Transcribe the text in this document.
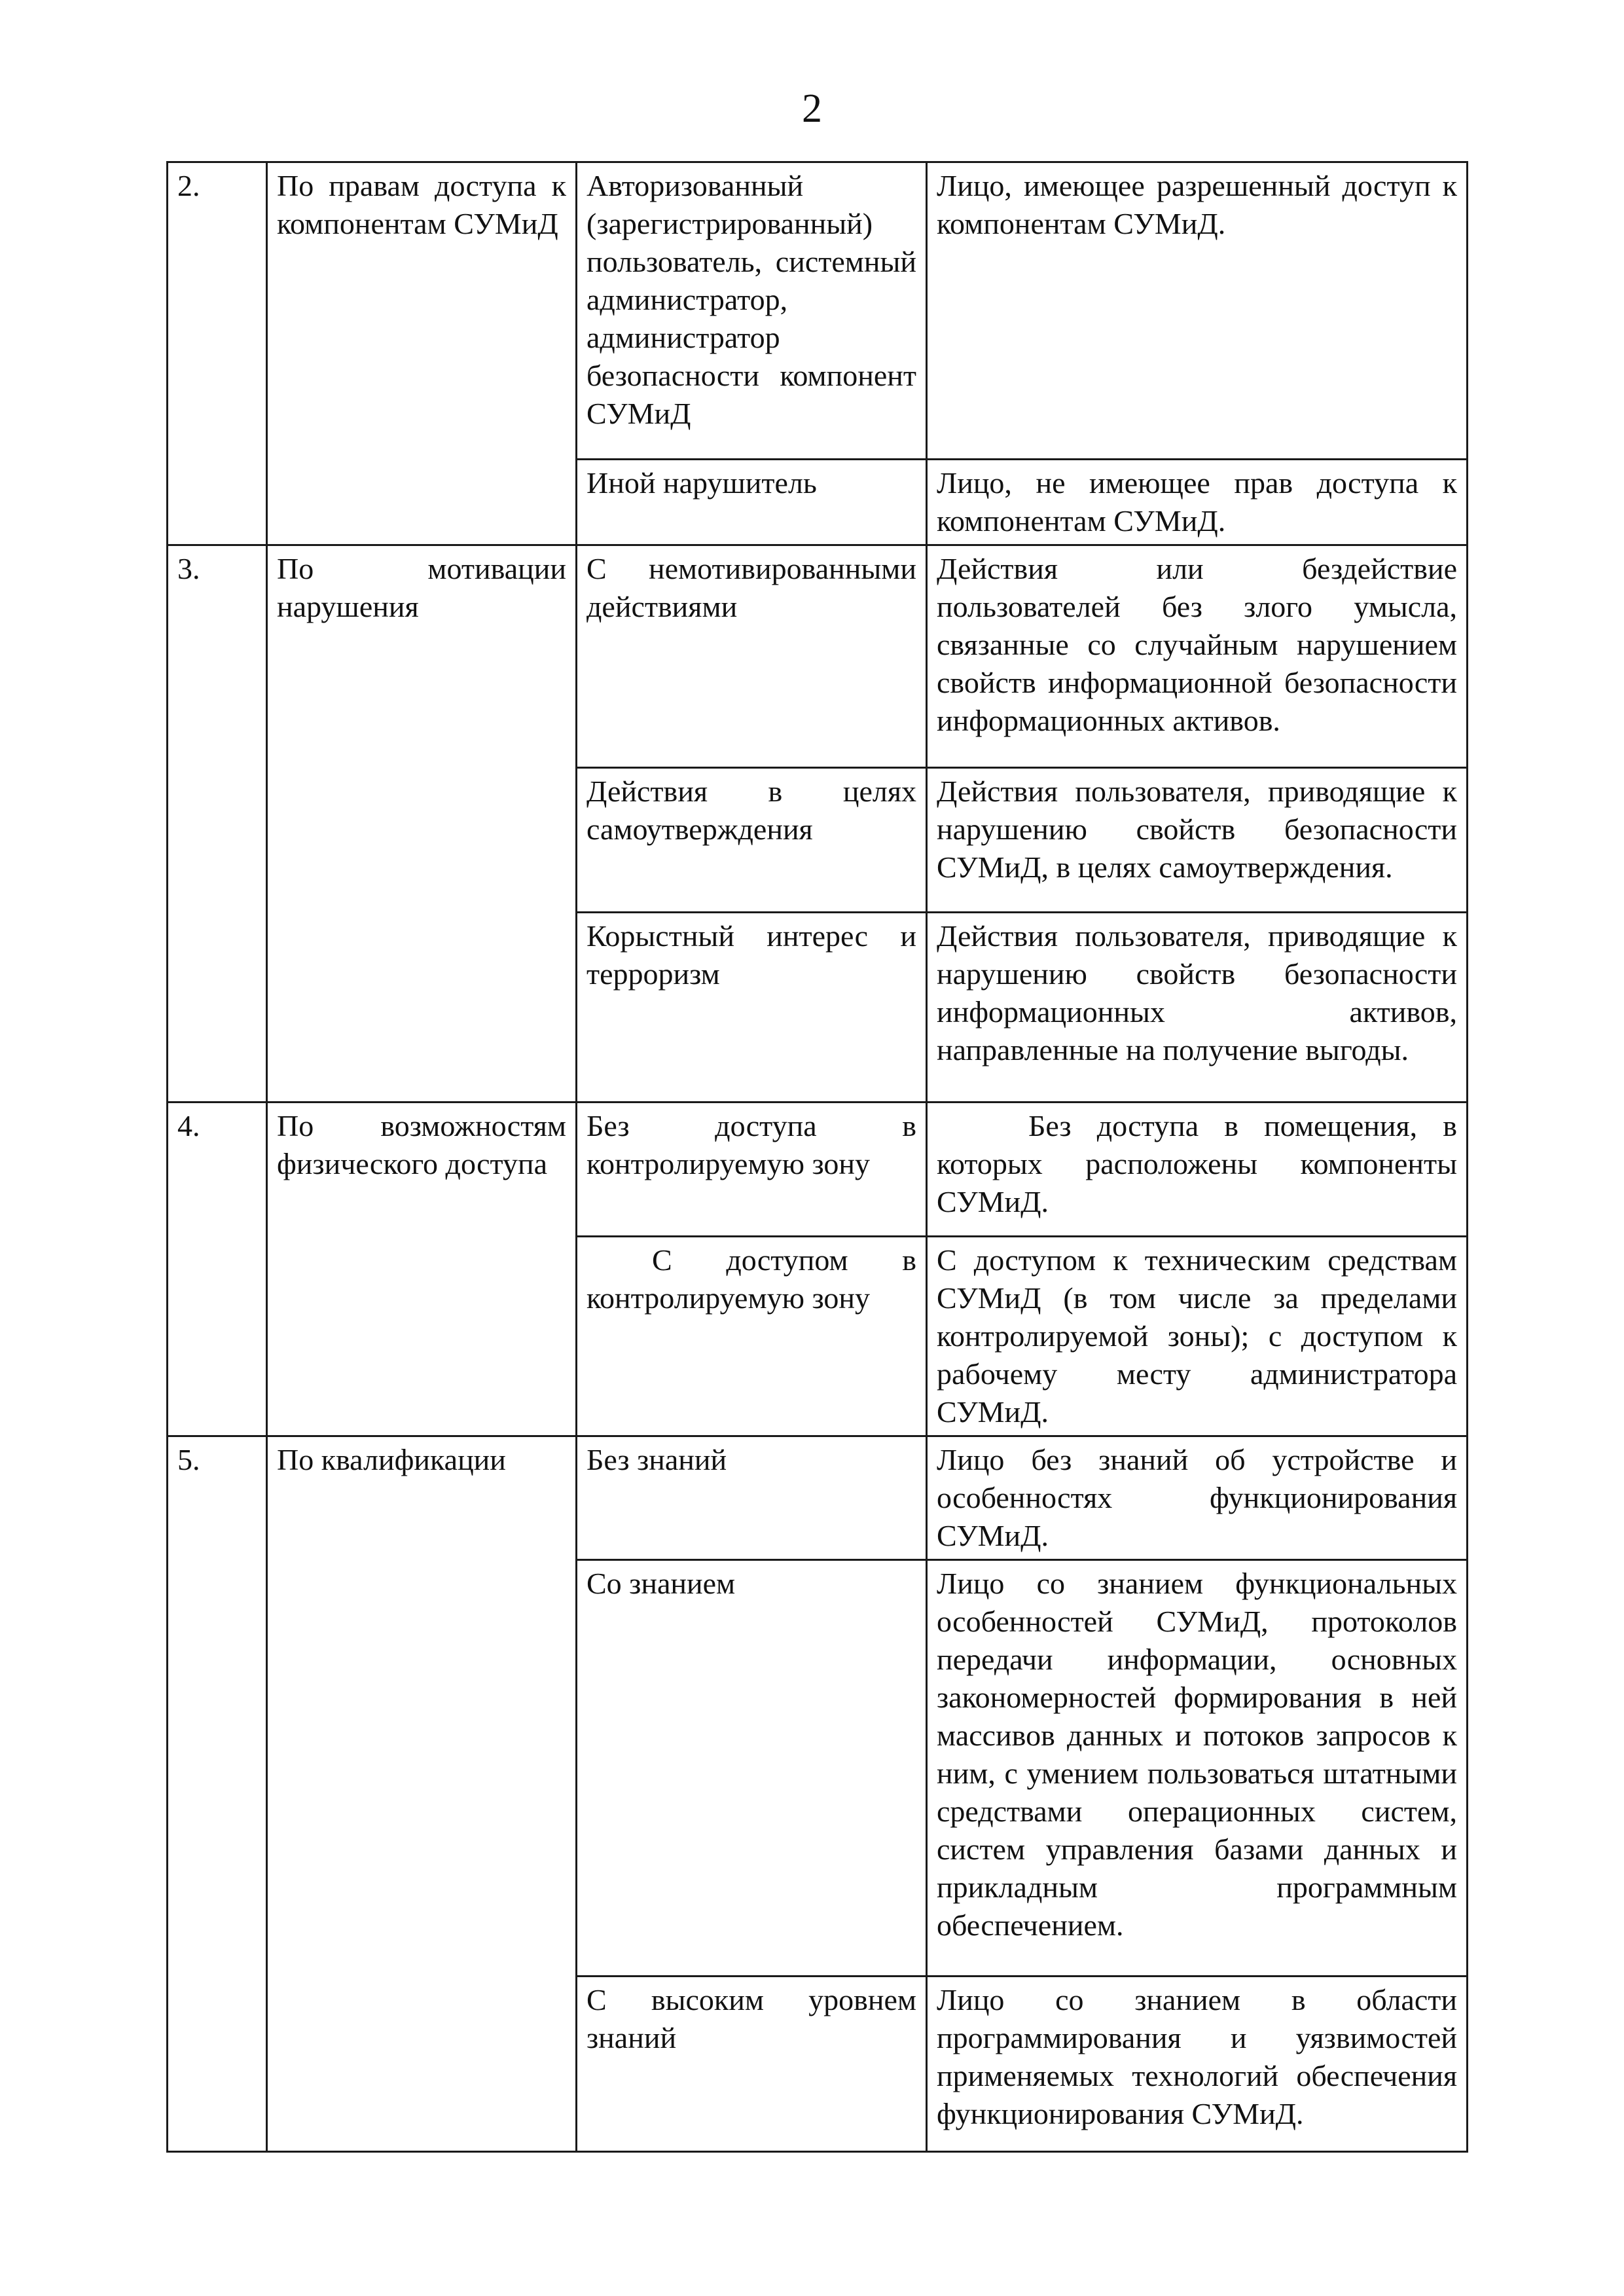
2
2.	По правам доступа к компонентам СУМиД	Авторизованный (зарегистрированный) пользователь, системный администратор, администратор безопасности компонент СУМиД	Лицо, имеющее разрешенный доступ к компонентам СУМиД.
		Иной нарушитель	Лицо, не имеющее прав доступа к компонентам СУМиД.
3.	По мотивации нарушения	С немотивированными действиями	Действия или бездействие пользователей без злого умысла, связанные со случайным нарушением свойств информационной безопасности информационных активов.
		Действия в целях самоутверждения	Действия пользователя, приводящие к нарушению свойств безопасности СУМиД, в целях самоутверждения.
		Корыстный интерес и терроризм	Действия пользователя, приводящие к нарушению свойств безопасности информационных активов, направленные на получение выгоды.
4.	По возможностям физического доступа	Без доступа в контролируемую зону	Без доступа в помещения, в которых расположены компоненты СУМиД.
		С доступом в контролируемую зону	С доступом к техническим средствам СУМиД (в том числе за пределами контролируемой зоны); с доступом к рабочему месту администратора СУМиД.
5.	По квалификации	Без знаний	Лицо без знаний об устройстве и особенностях функционирования СУМиД.
		Со знанием	Лицо со знанием функциональных особенностей СУМиД, протоколов передачи информации, основных закономерностей формирования в ней массивов данных и потоков запросов к ним, с умением пользоваться штатными средствами операционных систем, систем управления базами данных и прикладным программным обеспечением.
		С высоким уровнем знаний	Лицо со знанием в области программирования и уязвимостей применяемых технологий обеспечения функционирования СУМиД.
